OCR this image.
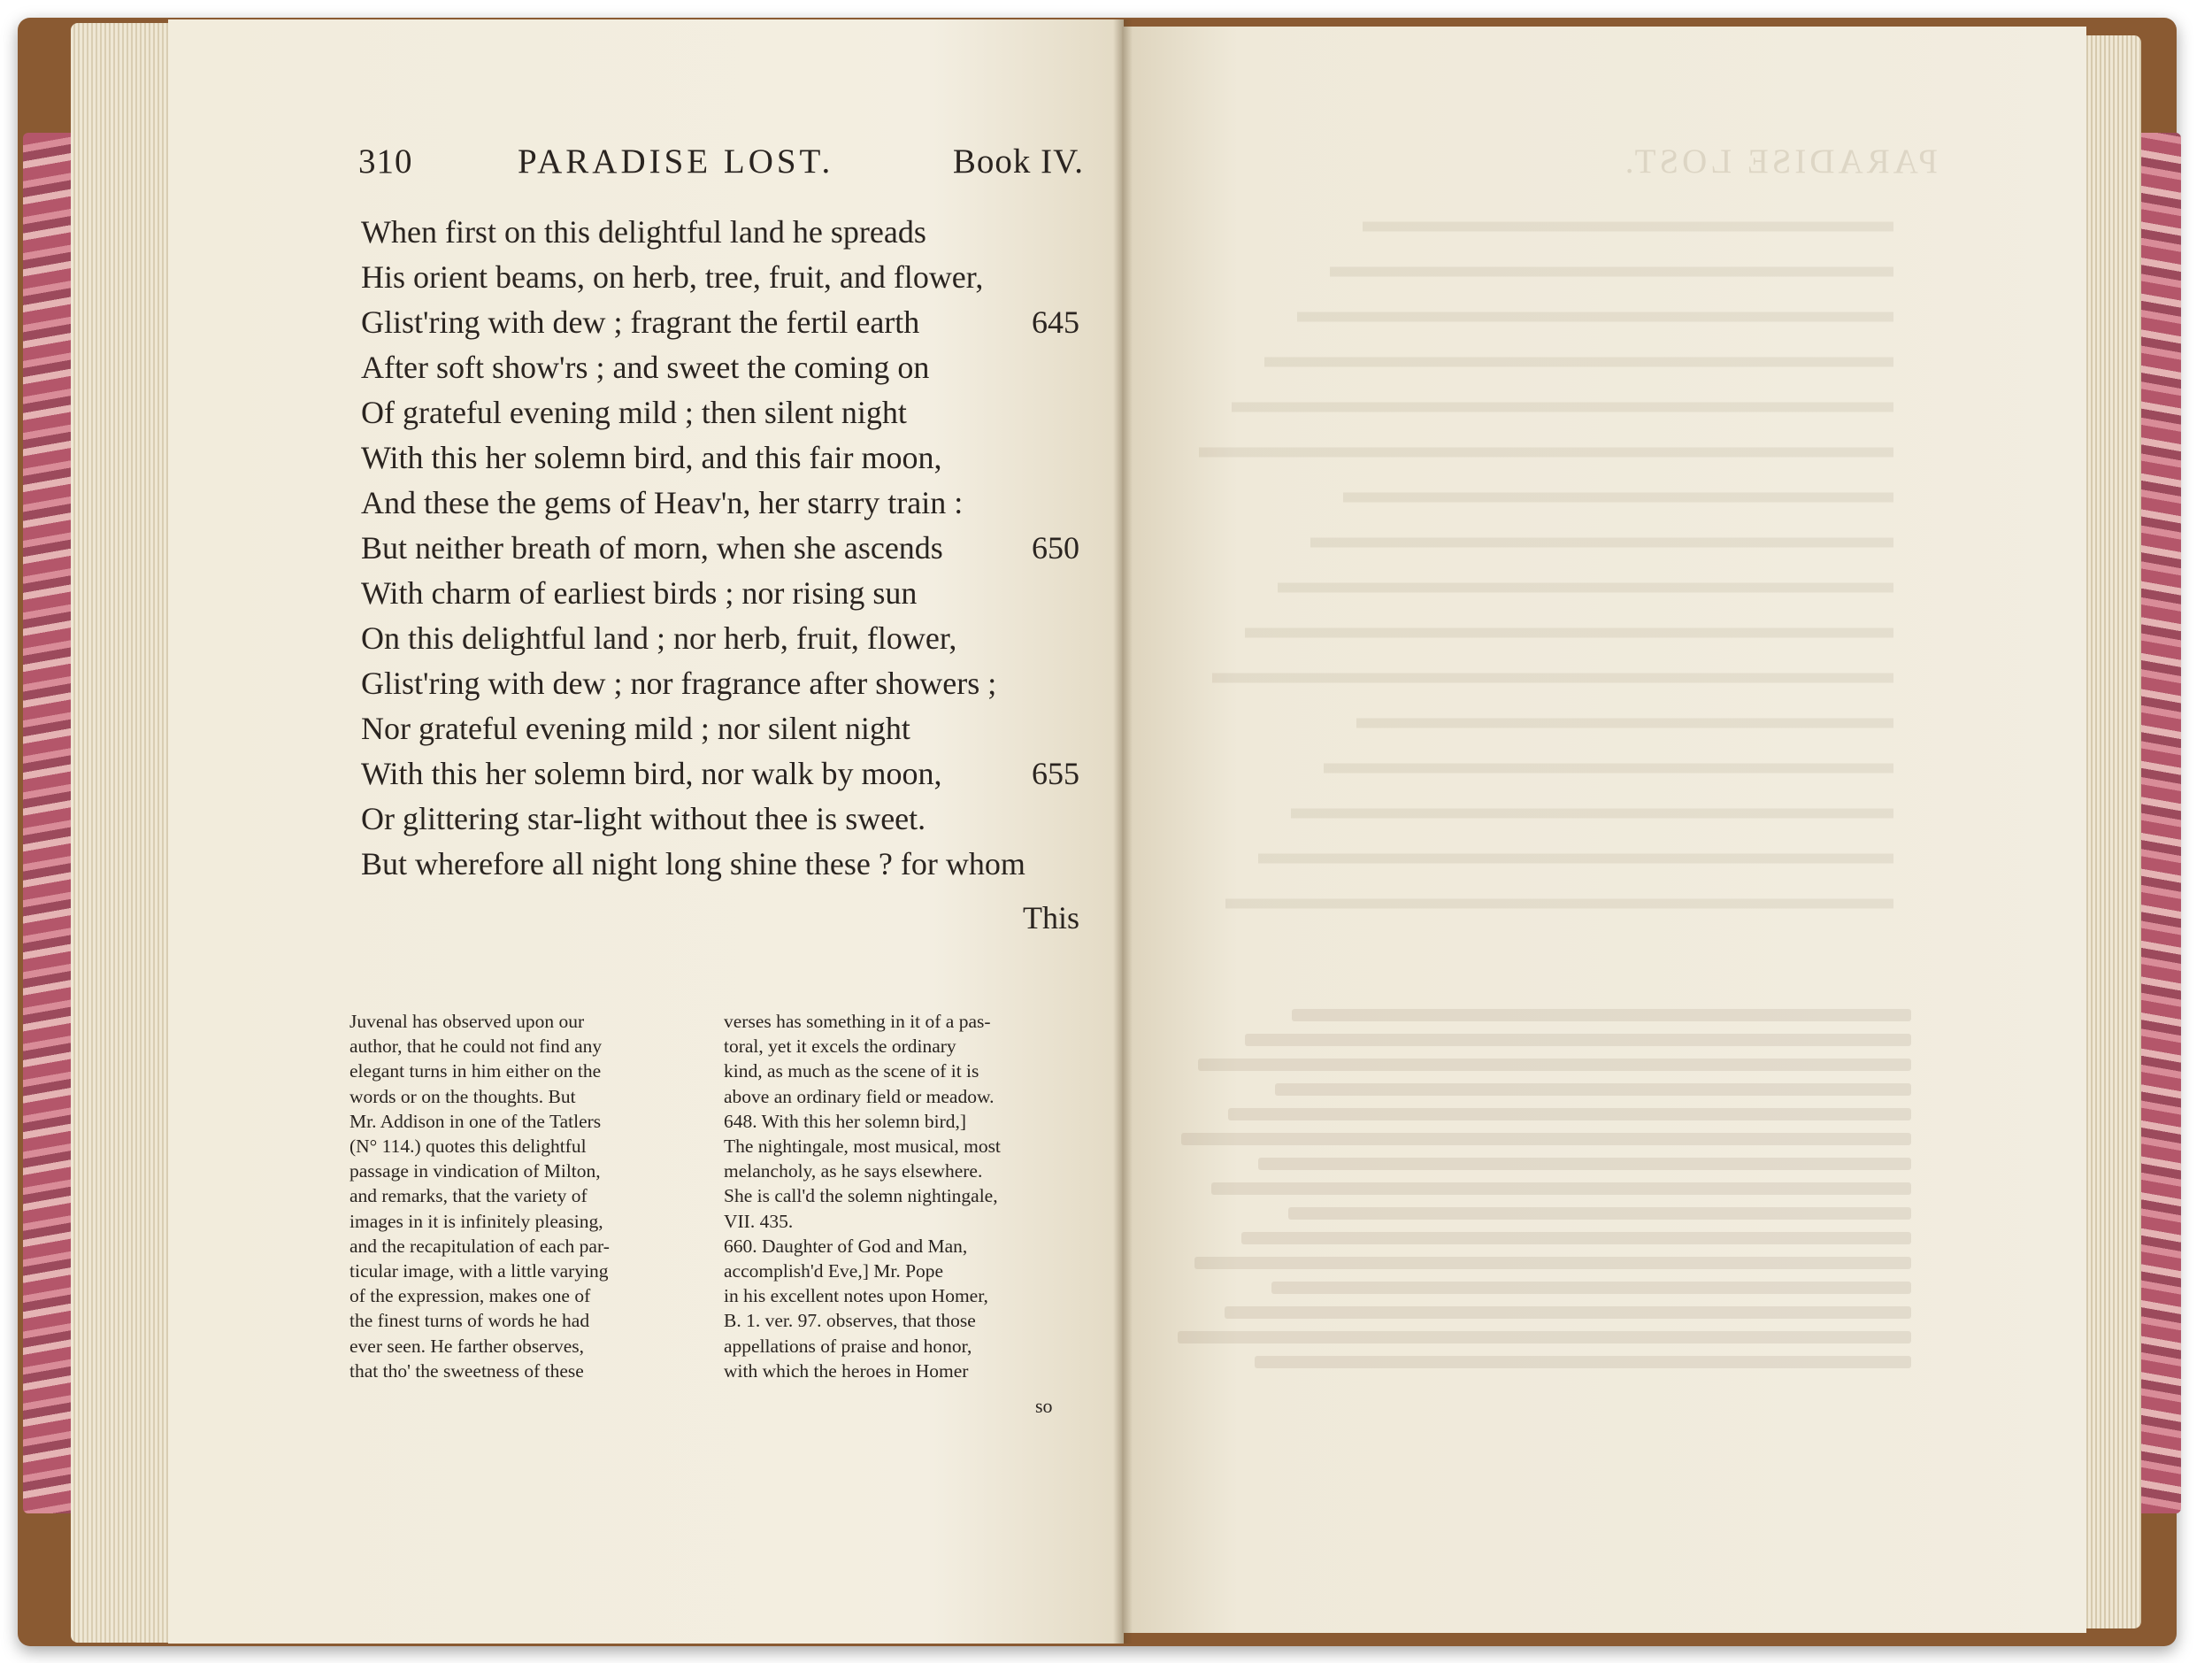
PARADISE LOST.
310	PARADISE LOST.	Book IV.
When first on this delightful land he spreads
His orient beams, on herb, tree, fruit, and flower,
Glist'ring with dew ; fragrant the fertil earth	645
After soft show'rs ; and sweet the coming on
Of grateful evening mild ; then silent night
With this her solemn bird, and this fair moon,
And these the gems of Heav'n, her starry train :
But neither breath of morn, when she ascends	650
With charm of earliest birds ; nor rising sun
On this delightful land ; nor herb, fruit, flower,
Glist'ring with dew ; nor fragrance after showers ;
Nor grateful evening mild ; nor silent night
With this her solemn bird, nor walk by moon,	655
Or glittering star-light without thee is sweet.
But wherefore all night long shine these ? for whom
This
Juvenal has observed upon our
author, that he could not find any
elegant turns in him either on the
words or on the thoughts. But
Mr. Addison in one of the Tatlers
(N° 114.) quotes this delightful
passage in vindication of Milton,
and remarks, that the variety of
images in it is infinitely pleasing,
and the recapitulation of each par-
ticular image, with a little varying
of the expression, makes one of
the finest turns of words he had
ever seen. He farther observes,
that tho' the sweetness of these
verses has something in it of a pas-
toral, yet it excels the ordinary
kind, as much as the scene of it is
above an ordinary field or meadow.
648. With this her solemn bird,]
The nightingale, most musical, most
melancholy, as he says elsewhere.
She is call'd the solemn nightingale,
VII. 435.
660. Daughter of God and Man,
accomplish'd Eve,] Mr. Pope
in his excellent notes upon Homer,
B. 1. ver. 97. observes, that those
appellations of praise and honor,
with which the heroes in Homer
so
